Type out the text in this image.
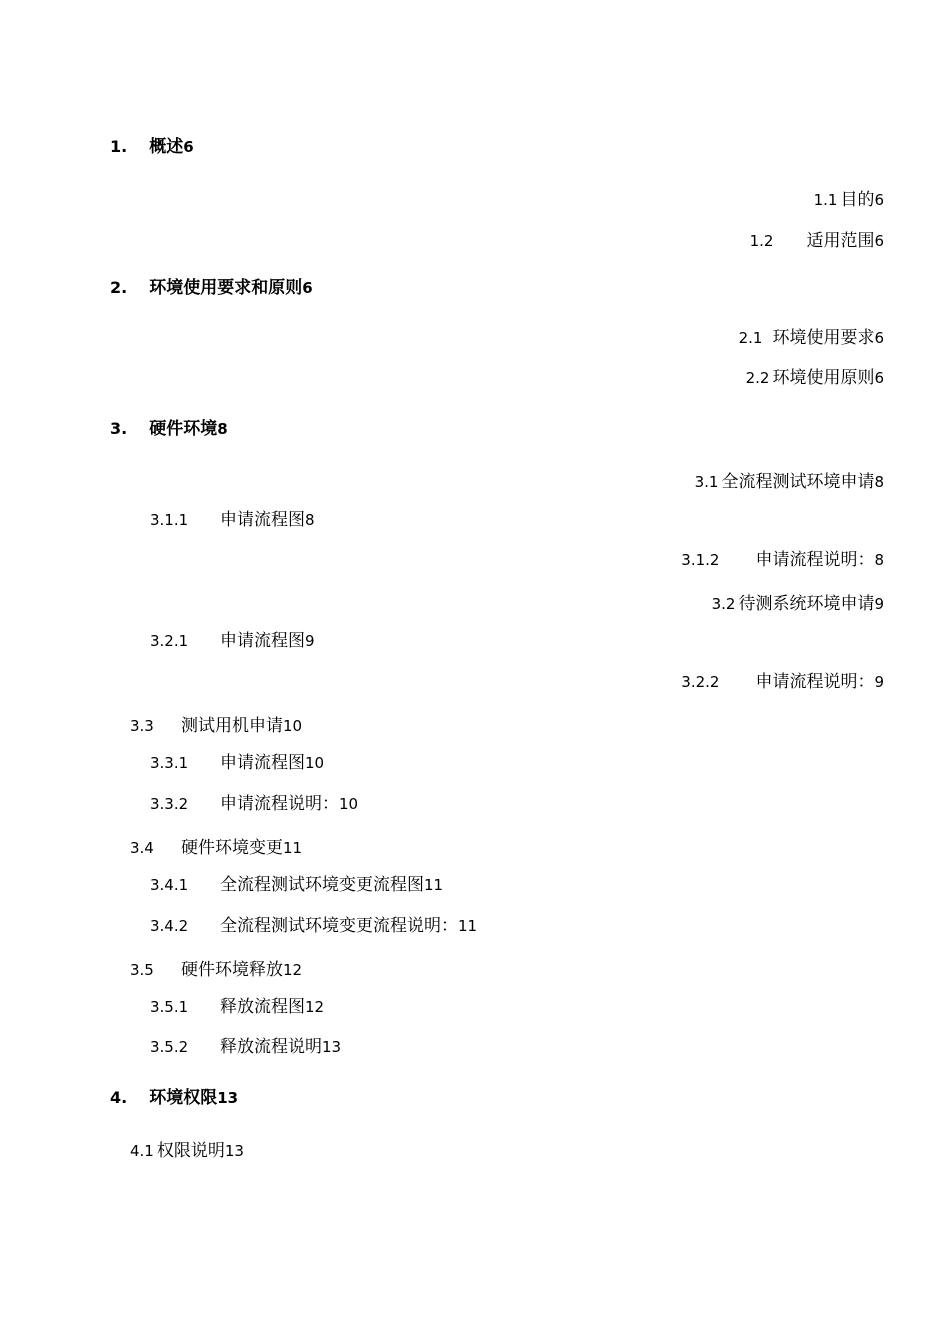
1. 概述6
1.1 目的6
1.2 适用范围6
2. 环境使用要求和原则6
2.1 环境使用要求6
2.2 环境使用原则6
3. 硬件环境8
3.1 全流程测试环境申请8
3.1.1 申请流程图8
3.1.2 申请流程说明：8
3.2 待测系统环境申请9
3.2.1 申请流程图9
3.2.2 申请流程说明：9
3.3 测试用机申请10
3.3.1 申请流程图10
3.3.2 申请流程说明：10
3.4 硬件环境变更11
3.4.1 全流程测试环境变更流程图11
3.4.2 全流程测试环境变更流程说明：11
3.5 硬件环境释放12
3.5.1 释放流程图12
3.5.2 释放流程说明13
4. 环境权限13
4.1 权限说明13
